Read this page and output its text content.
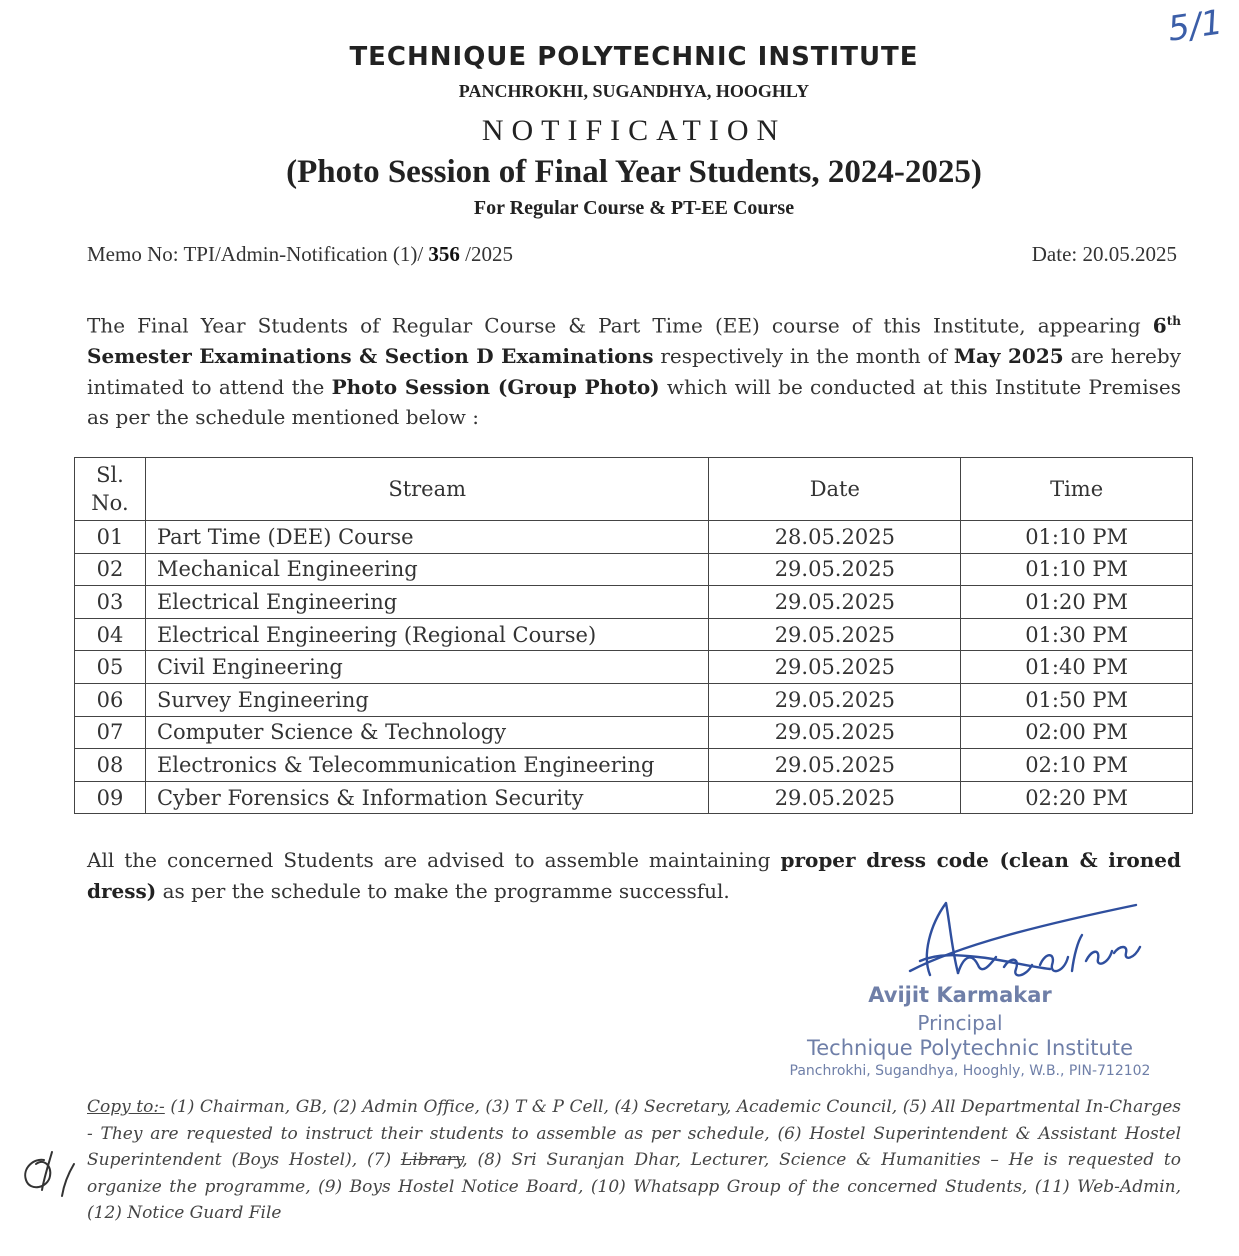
5/1
TECHNIQUE POLYTECHNIC INSTITUTE
PANCHROKHI, SUGANDHYA, HOOGHLY
NOTIFICATION
(Photo Session of Final Year Students, 2024-2025)
For Regular Course & PT-EE Course
Memo No: TPI/Admin-Notification (1)/ 356 /2025	Date: 20.05.2025
The Final Year Students of Regular Course & Part Time (EE) course of this Institute, appearing 6th Semester Examinations & Section D Examinations respectively in the month of May 2025 are hereby intimated to attend the Photo Session (Group Photo) which will be conducted at this Institute Premises as per the schedule mentioned below :
Sl. No.	Stream	Date	Time
01	Part Time (DEE) Course	28.05.2025	01:10 PM
02	Mechanical Engineering	29.05.2025	01:10 PM
03	Electrical Engineering	29.05.2025	01:20 PM
04	Electrical Engineering (Regional Course)	29.05.2025	01:30 PM
05	Civil Engineering	29.05.2025	01:40 PM
06	Survey Engineering	29.05.2025	01:50 PM
07	Computer Science & Technology	29.05.2025	02:00 PM
08	Electronics & Telecommunication Engineering	29.05.2025	02:10 PM
09	Cyber Forensics & Information Security	29.05.2025	02:20 PM
All the concerned Students are advised to assemble maintaining proper dress code (clean & ironed dress) as per the schedule to make the programme successful.
Avijit Karmakar
Principal
Technique Polytechnic Institute
Panchrokhi, Sugandhya, Hooghly, W.B., PIN-712102
Copy to:- (1) Chairman, GB, (2) Admin Office, (3) T & P Cell, (4) Secretary, Academic Council, (5) All Departmental In-Charges - They are requested to instruct their students to assemble as per schedule, (6) Hostel Superintendent & Assistant Hostel Superintendent (Boys Hostel), (7) Library, (8) Sri Suranjan Dhar, Lecturer, Science & Humanities – He is requested to organize the programme, (9) Boys Hostel Notice Board, (10) Whatsapp Group of the concerned Students, (11) Web-Admin, (12) Notice Guard File
